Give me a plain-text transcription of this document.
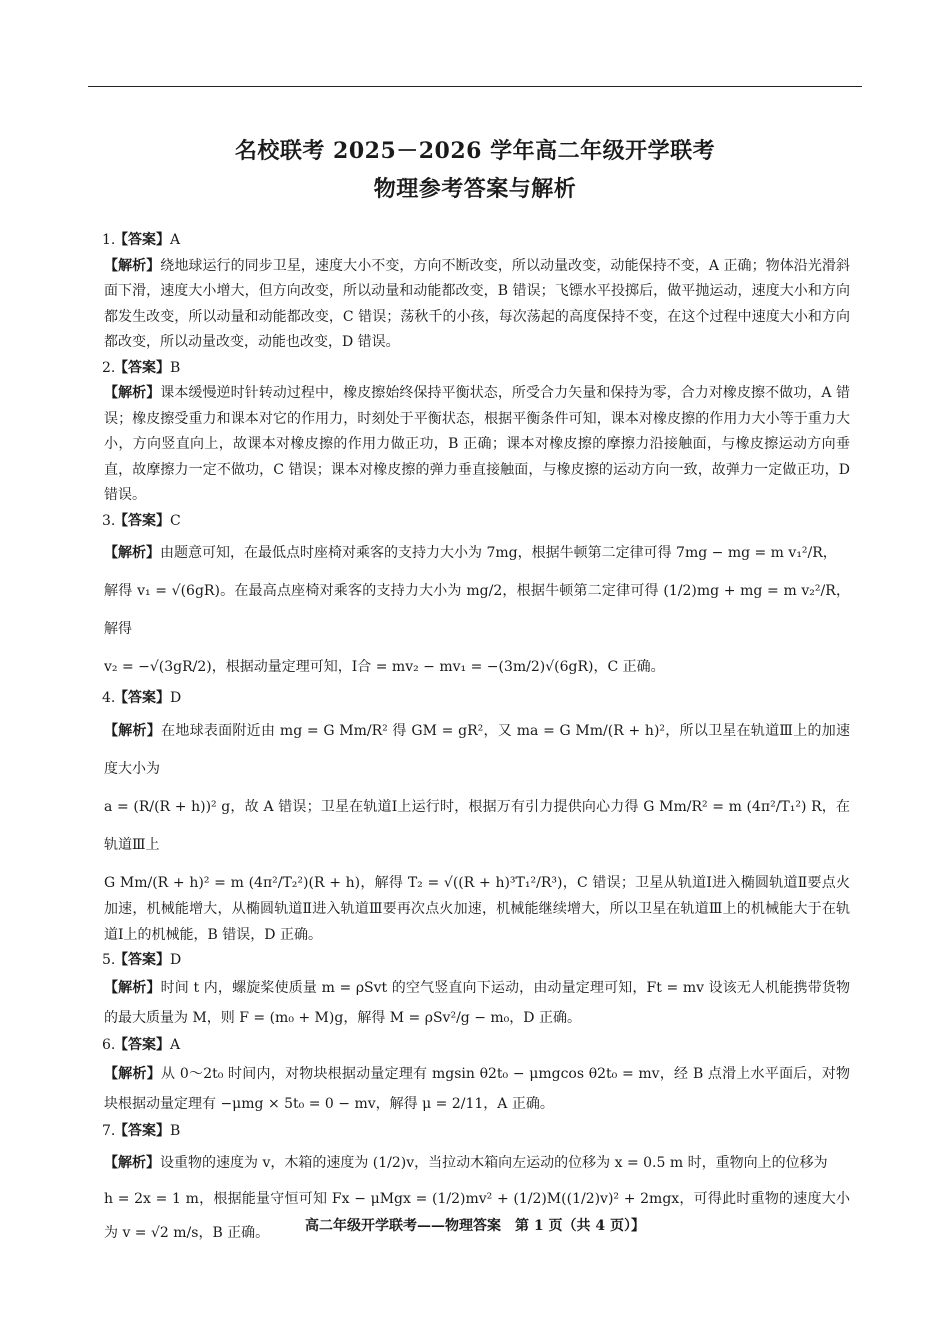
名校联考 2025－2026 学年高二年级开学联考
物理参考答案与解析
1.【答案】A
【解析】绕地球运行的同步卫星，速度大小不变，方向不断改变，所以动量改变，动能保持不变，A 正确；物体沿光滑斜面下滑，速度大小增大，但方向改变，所以动量和动能都改变，B 错误；飞镖水平投掷后，做平抛运动，速度大小和方向都发生改变，所以动量和动能都改变，C 错误；荡秋千的小孩，每次荡起的高度保持不变，在这个过程中速度大小和方向都改变，所以动量改变，动能也改变，D 错误。
2.【答案】B
【解析】课本缓慢逆时针转动过程中，橡皮擦始终保持平衡状态，所受合力矢量和保持为零，合力对橡皮擦不做功，A 错误；橡皮擦受重力和课本对它的作用力，时刻处于平衡状态，根据平衡条件可知，课本对橡皮擦的作用力大小等于重力大小，方向竖直向上，故课本对橡皮擦的作用力做正功，B 正确；课本对橡皮擦的摩擦力沿接触面，与橡皮擦运动方向垂直，故摩擦力一定不做功，C 错误；课本对橡皮擦的弹力垂直接触面，与橡皮擦的运动方向一致，故弹力一定做正功，D 错误。
3.【答案】C
【解析】由题意可知，在最低点时座椅对乘客的支持力大小为 7mg，根据牛顿第二定律可得 7mg − mg = m v₁²/R，
解得 v₁ = √(6gR)。在最高点座椅对乘客的支持力大小为 mg/2，根据牛顿第二定律可得 (1/2)mg + mg = m v₂²/R，解得
v₂ = −√(3gR/2)，根据动量定理可知，I合 = mv₂ − mv₁ = −(3m/2)√(6gR)，C 正确。
4.【答案】D
【解析】在地球表面附近由 mg = G Mm/R² 得 GM = gR²，又 ma = G Mm/(R + h)²，所以卫星在轨道Ⅲ上的加速度大小为
a = (R/(R + h))² g，故 A 错误；卫星在轨道Ⅰ上运行时，根据万有引力提供向心力得 G Mm/R² = m (4π²/T₁²) R，在轨道Ⅲ上
G Mm/(R + h)² = m (4π²/T₂²)(R + h)，解得 T₂ = √((R + h)³T₁²/R³)，C 错误；卫星从轨道Ⅰ进入椭圆轨道Ⅱ要点火加速，机械能增大，从椭圆轨道Ⅱ进入轨道Ⅲ要再次点火加速，机械能继续增大，所以卫星在轨道Ⅲ上的机械能大于在轨道Ⅰ上的机械能，B 错误，D 正确。
5.【答案】D
【解析】时间 t 内，螺旋桨使质量 m = ρSvt 的空气竖直向下运动，由动量定理可知，Ft = mv 设该无人机能携带货物的最大质量为 M，则 F = (m₀ + M)g，解得 M = ρSv²/g − m₀，D 正确。
6.【答案】A
【解析】从 0～2t₀ 时间内，对物块根据动量定理有 mgsin θ2t₀ − μmgcos θ2t₀ = mv，经 B 点滑上水平面后，对物块根据动量定理有 −μmg × 5t₀ = 0 − mv，解得 μ = 2/11，A 正确。
7.【答案】B
【解析】设重物的速度为 v，木箱的速度为 (1/2)v，当拉动木箱向左运动的位移为 x = 0.5 m 时，重物向上的位移为
h = 2x = 1 m，根据能量守恒可知 Fx − μMgx = (1/2)mv² + (1/2)M((1/2)v)² + 2mgx，可得此时重物的速度大小为 v = √2 m/s，B 正确。	高二年级开学联考——物理答案　第 1 页（共 4 页）】
